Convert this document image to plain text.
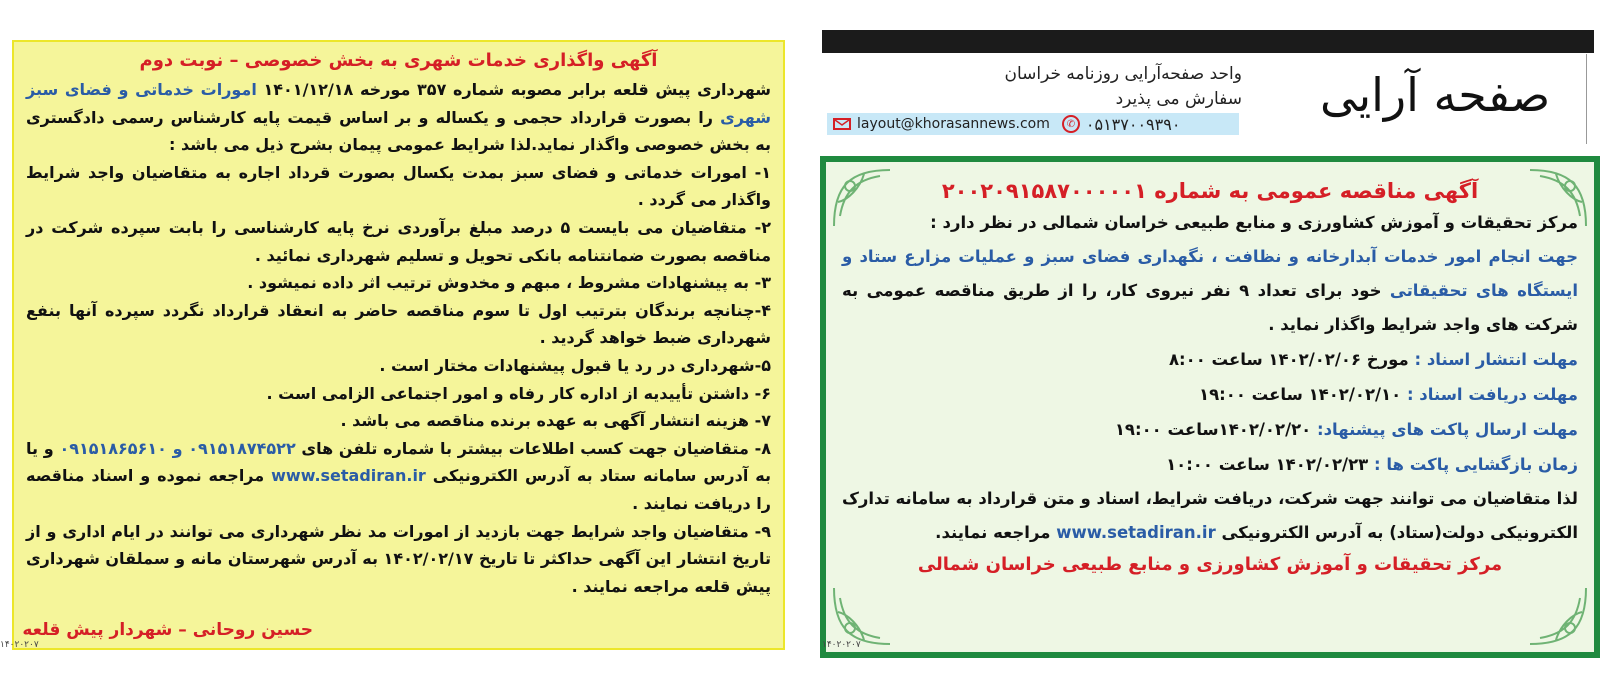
آگهی واگذاری خدمات شهری به بخش خصوصی – نوبت دوم

شهرداری پیش قلعه برابر مصوبه شماره ۳۵۷ مورخه ۱۴۰۱/۱۲/۱۸ امورات خدماتی و فضای سبز شهری را بصورت قرارداد حجمی و یکساله و بر اساس قیمت پایه کارشناس رسمی دادگستری به بخش خصوصی واگذار نماید.لذا شرایط عمومی پیمان بشرح ذیل می باشد :

۱- امورات خدماتی و فضای سبز بمدت یکسال بصورت قرداد اجاره به متقاضیان واجد شرایط واگذار می گردد .

۲- متقاضیان می بایست ۵ درصد مبلغ برآوردی نرخ پایه کارشناسی را بابت سپرده شرکت در مناقصه بصورت ضمانتنامه بانکی تحویل و تسلیم شهرداری نمائید .

۳- به پیشنهادات مشروط ، مبهم و مخدوش ترتیب اثر داده نمیشود .

۴-چنانچه برندگان بترتیب اول تا سوم مناقصه حاضر به انعقاد قرارداد نگردد سپرده آنها بنفع شهرداری ضبط خواهد گردید .

۵-شهرداری در رد یا قبول پیشنهادات مختار است .

۶- داشتن تأییدیه از اداره کار رفاه و امور اجتماعی الزامی است .

۷- هزینه انتشار آگهی به عهده برنده مناقصه می باشد .

۸- متقاضیان جهت کسب اطلاعات بیشتر با شماره تلفن های ۰۹۱۵۱۸۷۴۵۲۲ و ۰۹۱۵۱۸۶۵۶۱۰ و یا به آدرس سامانه ستاد به آدرس الکترونیکی www.setadiran.ir مراجعه نموده و اسناد مناقصه را دریافت نمایند .

۹- متقاضیان واجد شرایط جهت بازدید از امورات مد نظر شهرداری می توانند در ایام اداری و از تاریخ انتشار این آگهی حداکثر تا تاریخ ۱۴۰۲/۰۲/۱۷ به آدرس شهرستان مانه و سملقان شهرداری پیش قلعه مراجعه نمایند .

حسین روحانی – شهردار پیش قلعه
۱۴۰۲۰۲۰۷
صفحه آرایی
واحد صفحه‌آرایی روزنامه خراسان
سفارش می پذیرد
layout@khorasannews.com	✆ ۰۵۱۳۷۰۰۹۳۹۰
آگهی مناقصه عمومی به شماره ۲۰۰۲۰۹۱۵۸۷۰۰۰۰۰۱

مرکز تحقیقات و آموزش کشاورزی و منابع طبیعی خراسان شمالی در نظر دارد :

جهت انجام امور خدمات آبدارخانه و نظافت ، نگهداری فضای سبز و عملیات مزارع ستاد و ایستگاه های تحقیقاتی خود برای تعداد ۹ نفر نیروی کار، را از طریق مناقصه عمومی به شرکت های واجد شرایط واگذار نماید .

مهلت انتشار اسناد : مورخ ۱۴۰۲/۰۲/۰۶ ساعت ۸:۰۰

مهلت دریافت اسناد : ۱۴۰۲/۰۲/۱۰ ساعت ۱۹:۰۰

مهلت ارسال پاکت های پیشنهاد: ۱۴۰۲/۰۲/۲۰ساعت ۱۹:۰۰

زمان بازگشایی پاکت ها : ۱۴۰۲/۰۲/۲۳ ساعت ۱۰:۰۰

لذا متقاضیان می توانند جهت شرکت، دریافت شرایط، اسناد و متن قرارداد به سامانه تدارک الکترونیکی دولت(ستاد) به آدرس الکترونیکی www.setadiran.ir مراجعه نمایند.

مرکز تحقیقات و آموزش کشاورزی و منابع طبیعی خراسان شمالی
۱۴۰۲۰۲۰۷
